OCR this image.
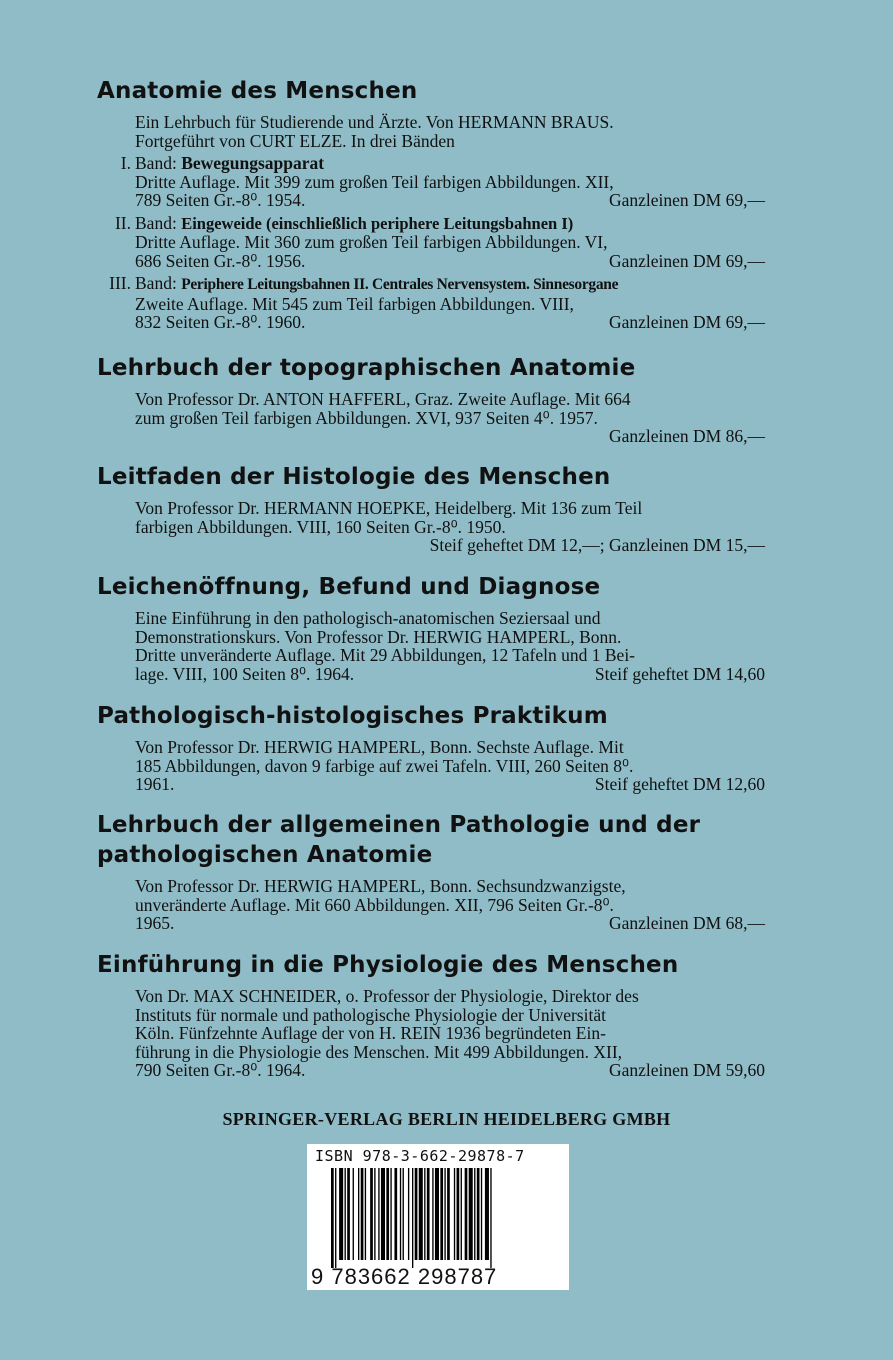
Anatomie des Menschen
Ein Lehrbuch für Studierende und Ärzte. Von HERMANN BRAUS.
Fortgeführt von CURT ELZE. In drei Bänden
I. Band: Bewegungsapparat
Dritte Auflage. Mit 399 zum großen Teil farbigen Abbildungen. XII,
789 Seiten Gr.-8⁰. 1954.	Ganzleinen DM 69,—
II. Band: Eingeweide (einschließlich periphere Leitungsbahnen I)
Dritte Auflage. Mit 360 zum großen Teil farbigen Abbildungen. VI,
686 Seiten Gr.-8⁰. 1956.	Ganzleinen DM 69,—
III. Band: Periphere Leitungsbahnen II. Centrales Nervensystem. Sinnesorgane
Zweite Auflage. Mit 545 zum Teil farbigen Abbildungen. VIII,
832 Seiten Gr.-8⁰. 1960.	Ganzleinen DM 69,—
Lehrbuch der topographischen Anatomie
Von Professor Dr. ANTON HAFFERL, Graz. Zweite Auflage. Mit 664
zum großen Teil farbigen Abbildungen. XVI, 937 Seiten 4⁰. 1957.
Ganzleinen DM 86,—
Leitfaden der Histologie des Menschen
Von Professor Dr. HERMANN HOEPKE, Heidelberg. Mit 136 zum Teil
farbigen Abbildungen. VIII, 160 Seiten Gr.-8⁰. 1950.
Steif geheftet DM 12,—; Ganzleinen DM 15,—
Leichenöffnung, Befund und Diagnose
Eine Einführung in den pathologisch-anatomischen Seziersaal und
Demonstrationskurs. Von Professor Dr. HERWIG HAMPERL, Bonn.
Dritte unveränderte Auflage. Mit 29 Abbildungen, 12 Tafeln und 1 Bei-
lage. VIII, 100 Seiten 8⁰. 1964.	Steif geheftet DM 14,60
Pathologisch-histologisches Praktikum
Von Professor Dr. HERWIG HAMPERL, Bonn. Sechste Auflage. Mit
185 Abbildungen, davon 9 farbige auf zwei Tafeln. VIII, 260 Seiten 8⁰.
1961.	Steif geheftet DM 12,60
Lehrbuch der allgemeinen Pathologie und der pathologischen Anatomie
Von Professor Dr. HERWIG HAMPERL, Bonn. Sechsundzwanzigste,
unveränderte Auflage. Mit 660 Abbildungen. XII, 796 Seiten Gr.-8⁰.
1965.	Ganzleinen DM 68,—
Einführung in die Physiologie des Menschen
Von Dr. MAX SCHNEIDER, o. Professor der Physiologie, Direktor des
Instituts für normale und pathologische Physiologie der Universität
Köln. Fünfzehnte Auflage der von H. REIN 1936 begründeten Ein-
führung in die Physiologie des Menschen. Mit 499 Abbildungen. XII,
790 Seiten Gr.-8⁰. 1964.	Ganzleinen DM 59,60
SPRINGER-VERLAG BERLIN HEIDELBERG GMBH
ISBN 978-3-662-29878-7
9 783662 298787
